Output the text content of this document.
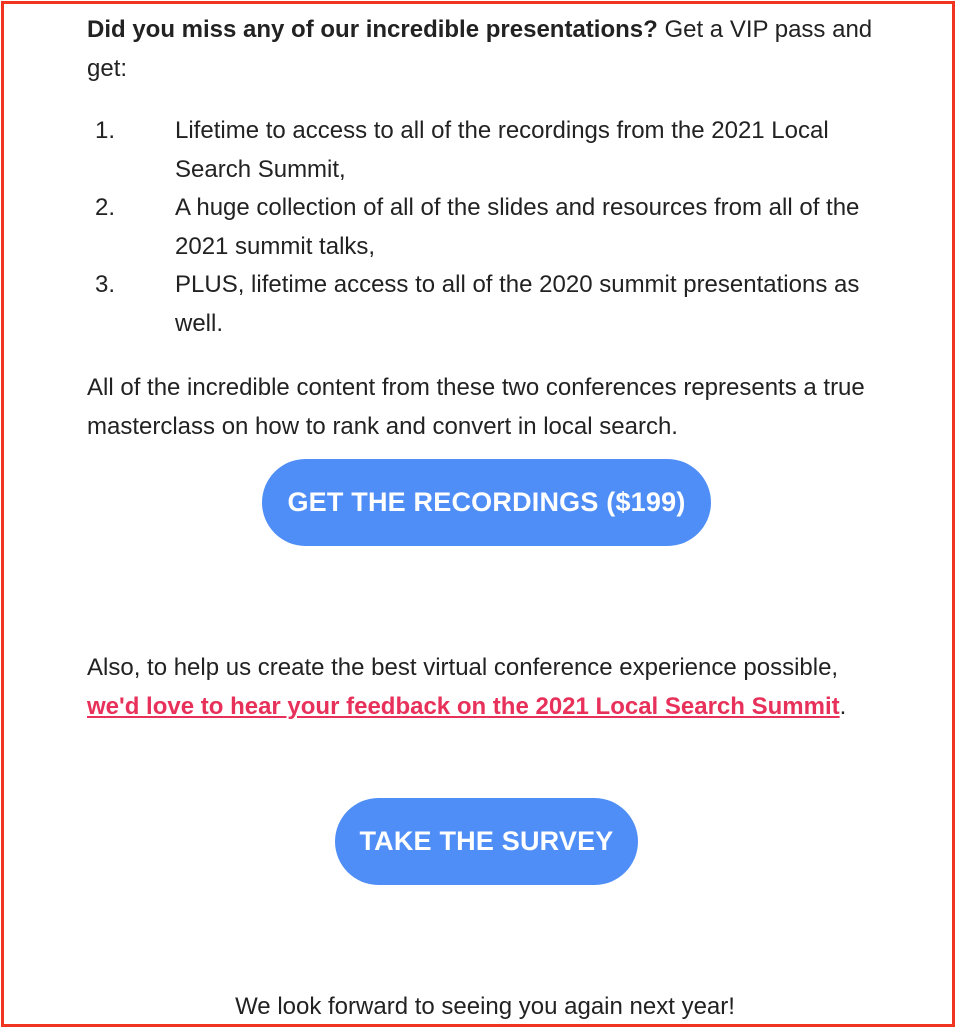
Did you miss any of our incredible presentations? Get a VIP pass and get:

1. Lifetime to access to all of the recordings from the 2021 Local Search Summit,
2. A huge collection of all of the slides and resources from all of the 2021 summit talks,
3. PLUS, lifetime access to all of the 2020 summit presentations as well.

All of the incredible content from these two conferences represents a true masterclass on how to rank and convert in local search.

Also, to help us create the best virtual conference experience possible, we'd love to hear your feedback on the 2021 Local Search Summit.

GET THE RECORDINGS ($199)
TAKE THE SURVEY

We look forward to seeing you again next year!
